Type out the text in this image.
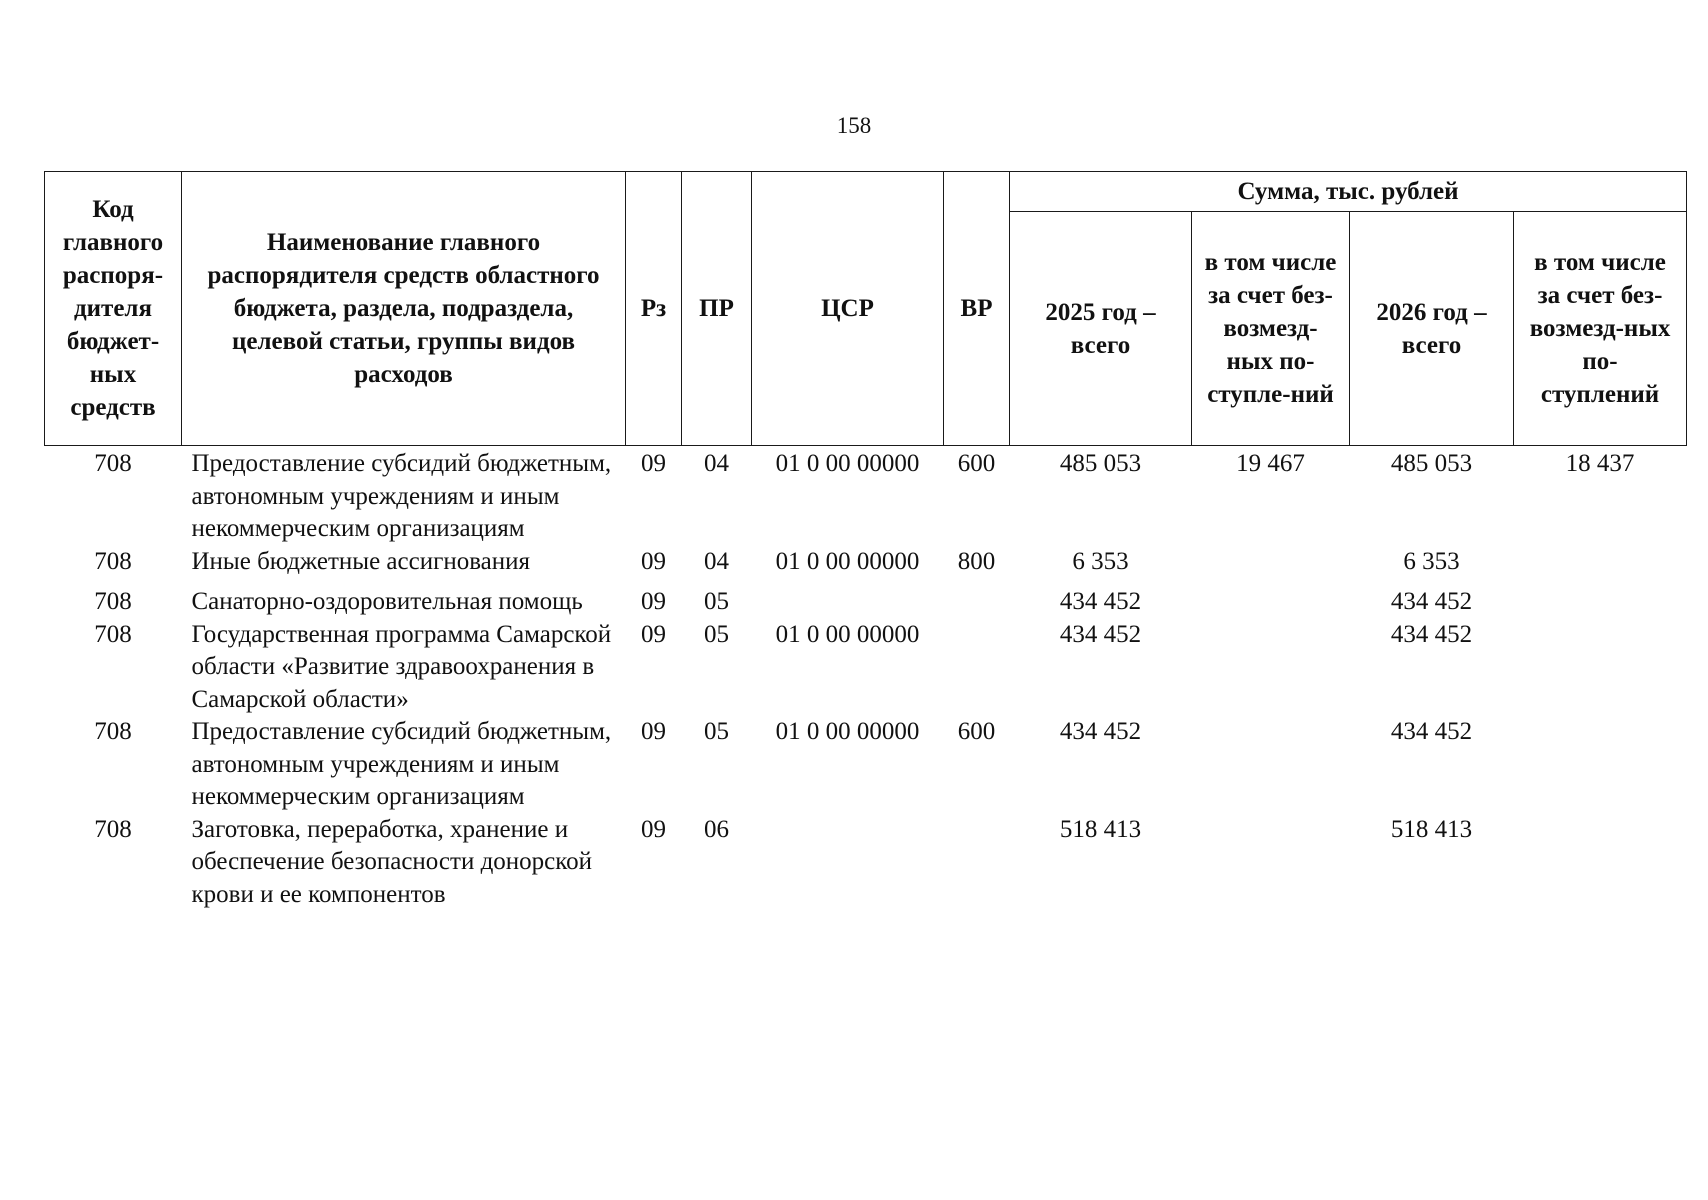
158
Код главного распоря-дителя бюджет-ных средств	Наименование главного распорядителя средств областного бюджета, раздела, подраздела, целевой статьи, группы видов расходов	Рз	ПР	ЦСР	ВР	Сумма, тыс. рублей			
						2025 год – всего	в том числе за счет без-возмезд-ных по-ступле-ний	2026 год – всего	в том числе за счет без-возмезд-ных по-ступлений
708	Предоставление субсидий бюджетным, автономным учреждениям и иным некоммерческим организациям	09	04	01 0 00 00000	600	485 053	19 467	485 053	18 437
708	Иные бюджетные ассигнования	09	04	01 0 00 00000	800	6 353		6 353	
708	Санаторно-оздоровительная помощь	09	05			434 452		434 452	
708	Государственная программа Самарской области «Развитие здравоохранения в Самарской области»	09	05	01 0 00 00000		434 452		434 452	
708	Предоставление субсидий бюджетным, автономным учреждениям и иным некоммерческим организациям	09	05	01 0 00 00000	600	434 452		434 452	
708	Заготовка, переработка, хранение и обеспечение безопасности донорской крови и ее компонентов	09	06			518 413		518 413	
